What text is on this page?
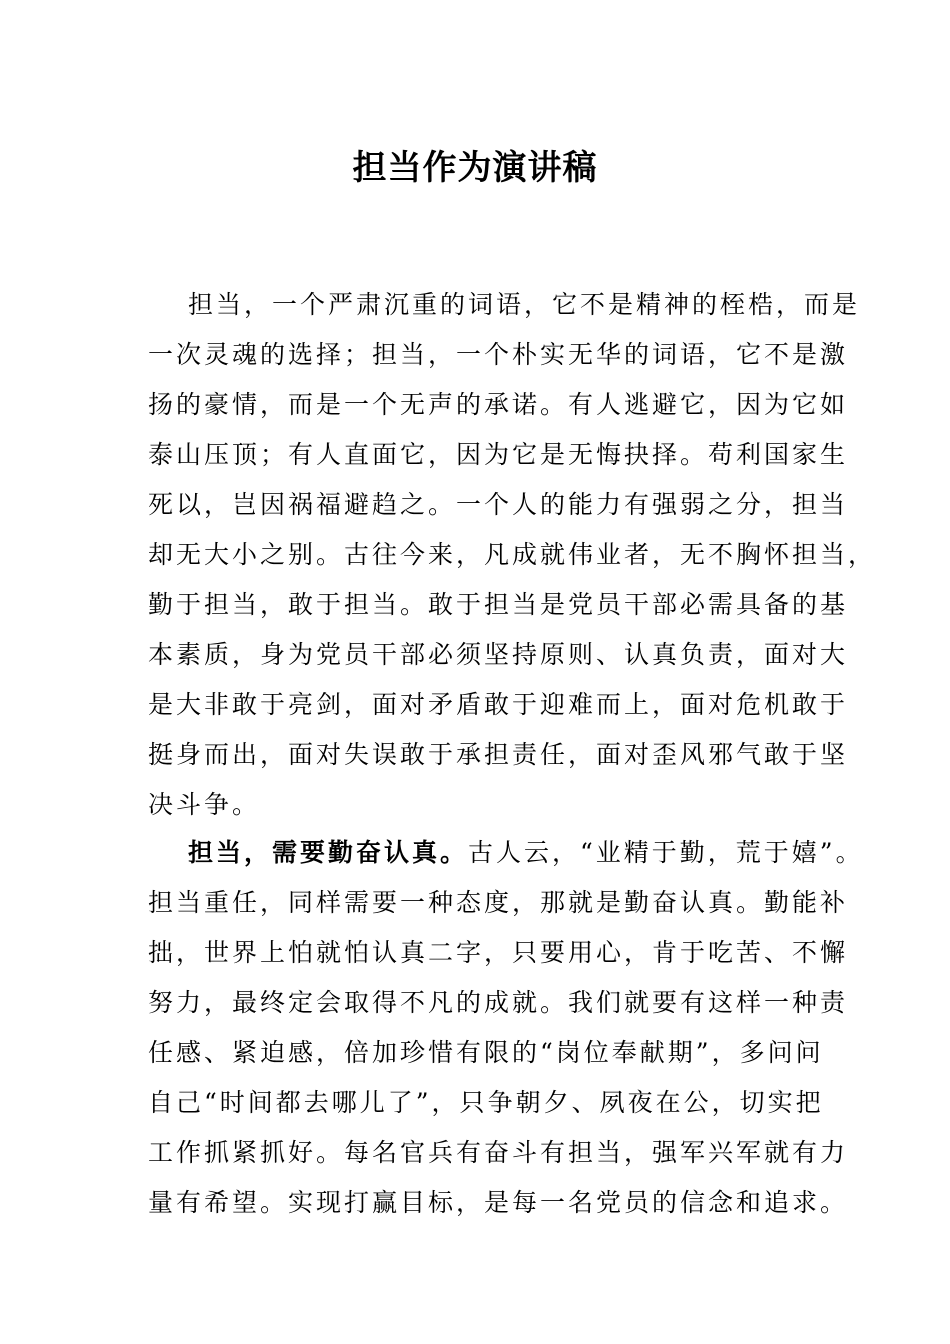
担当作为演讲稿

担当，一个严肃沉重的词语，它不是精神的桎梏，而是

一次灵魂的选择；担当，一个朴实无华的词语，它不是激

扬的豪情，而是一个无声的承诺。有人逃避它，因为它如

泰山压顶；有人直面它，因为它是无悔抉择。苟利国家生

死以，岂因祸福避趋之。一个人的能力有强弱之分，担当

却无大小之别。古往今来，凡成就伟业者，无不胸怀担当，

勤于担当，敢于担当。敢于担当是党员干部必需具备的基

本素质，身为党员干部必须坚持原则、认真负责，面对大

是大非敢于亮剑，面对矛盾敢于迎难而上，面对危机敢于

挺身而出，面对失误敢于承担责任，面对歪风邪气敢于坚

决斗争。

担当，需要勤奋认真。古人云，“业精于勤，荒于嬉”。

担当重任，同样需要一种态度，那就是勤奋认真。勤能补

拙，世界上怕就怕认真二字，只要用心，肯于吃苦、不懈

努力，最终定会取得不凡的成就。我们就要有这样一种责

任感、紧迫感，倍加珍惜有限的“岗位奉献期”，多问问

自己“时间都去哪儿了”，只争朝夕、夙夜在公，切实把

工作抓紧抓好。每名官兵有奋斗有担当，强军兴军就有力

量有希望。实现打赢目标，是每一名党员的信念和追求。
